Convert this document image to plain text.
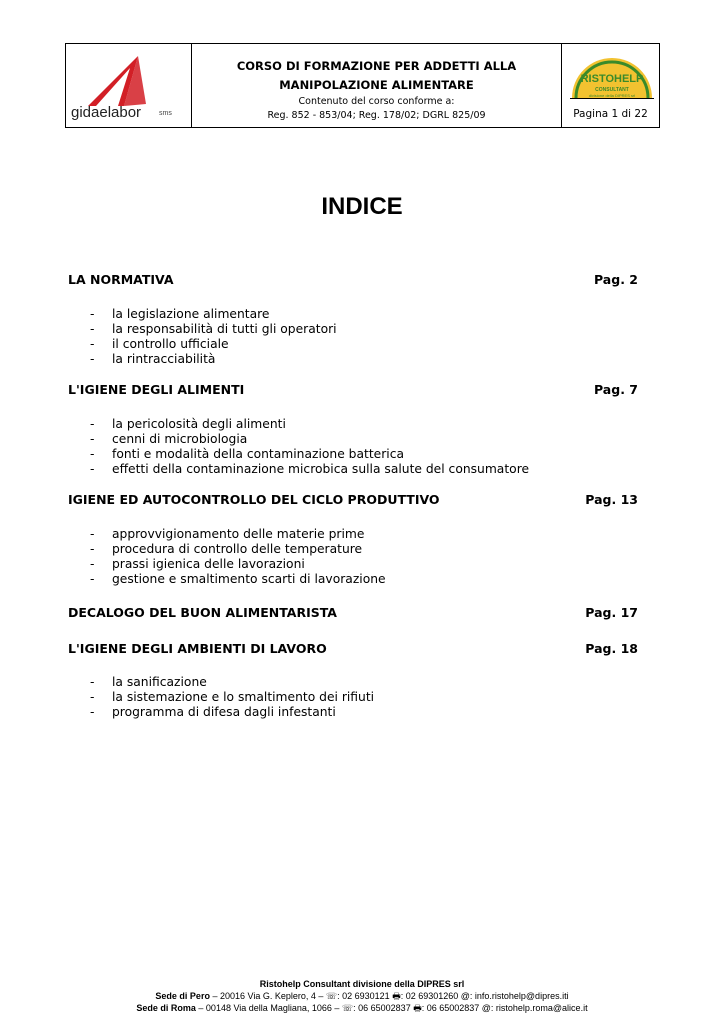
gidaelabor	sms
CORSO DI FORMAZIONE PER ADDETTI ALLA
MANIPOLAZIONE ALIMENTARE
Contenuto del corso conforme a:
Reg. 852 - 853/04; Reg. 178/02; DGRL 825/09
RISTOHELP
CONSULTANT
divisione della DIPRES srl
Pagina 1 di 22
INDICE
LA NORMATIVA	Pag. 2
- la legislazione alimentare
- la responsabilità di tutti gli operatori
- il controllo ufficiale
- la rintracciabilità
L'IGIENE DEGLI ALIMENTI	Pag. 7
- la pericolosità degli alimenti
- cenni di microbiologia
- fonti e modalità della contaminazione batterica
- effetti della contaminazione microbica sulla salute del consumatore
IGIENE ED AUTOCONTROLLO DEL CICLO PRODUTTIVO	Pag. 13
- approvvigionamento delle materie prime
- procedura di controllo delle temperature
- prassi igienica delle lavorazioni
- gestione e smaltimento scarti di lavorazione
DECALOGO DEL BUON ALIMENTARISTA	Pag. 17
L'IGIENE DEGLI AMBIENTI DI LAVORO	Pag. 18
- la sanificazione
- la sistemazione e lo smaltimento dei rifiuti
- programma di difesa dagli infestanti
Ristohelp Consultant divisione della DIPRES srl
Sede di Pero – 20016 Via G. Keplero, 4 – ☏: 02 6930121 🖶: 02 69301260 @: info.ristohelp@dipres.iti
Sede di Roma – 00148 Via della Magliana, 1066 – ☏: 06 65002837 🖶: 06 65002837 @: ristohelp.roma@alice.it
